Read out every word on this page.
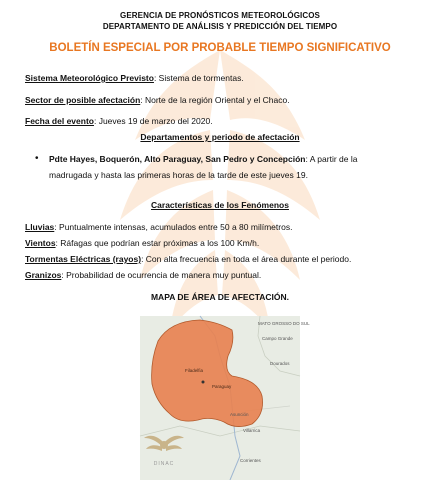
GERENCIA DE PRONÓSTICOS METEOROLÓGICOS
DEPARTAMENTO DE ANÁLISIS Y PREDICCIÓN DEL TIEMPO
BOLETÍN ESPECIAL POR PROBABLE TIEMPO SIGNIFICATIVO
Sistema Meteorológico Previsto: Sistema de tormentas.
Sector de posible afectación: Norte de la región Oriental y el Chaco.
Fecha del evento: Jueves 19 de marzo del 2020.
Departamentos y periodo de afectación
• Pdte Hayes, Boquerón, Alto Paraguay, San Pedro y Concepción: A partir de la madrugada y hasta las primeras horas de la tarde de este jueves 19.
Características de los Fenómenos
Lluvias: Puntualmente intensas, acumulados entre 50 a 80 milímetros.
Vientos: Ráfagas que podrían estar próximas a los 100 Km/h.
Tormentas Eléctricas (rayos): Con alta frecuencia en toda el área durante el periodo.
Granizos: Probabilidad de ocurrencia de manera muy puntual.
MAPA DE ÁREA DE AFECTACIÓN.
MATO GROSSO DO SUL
Campo Grande
Dourados
Filadelfia
Paraguay
Asunción
Villarrica
Corrientes
DINAC
